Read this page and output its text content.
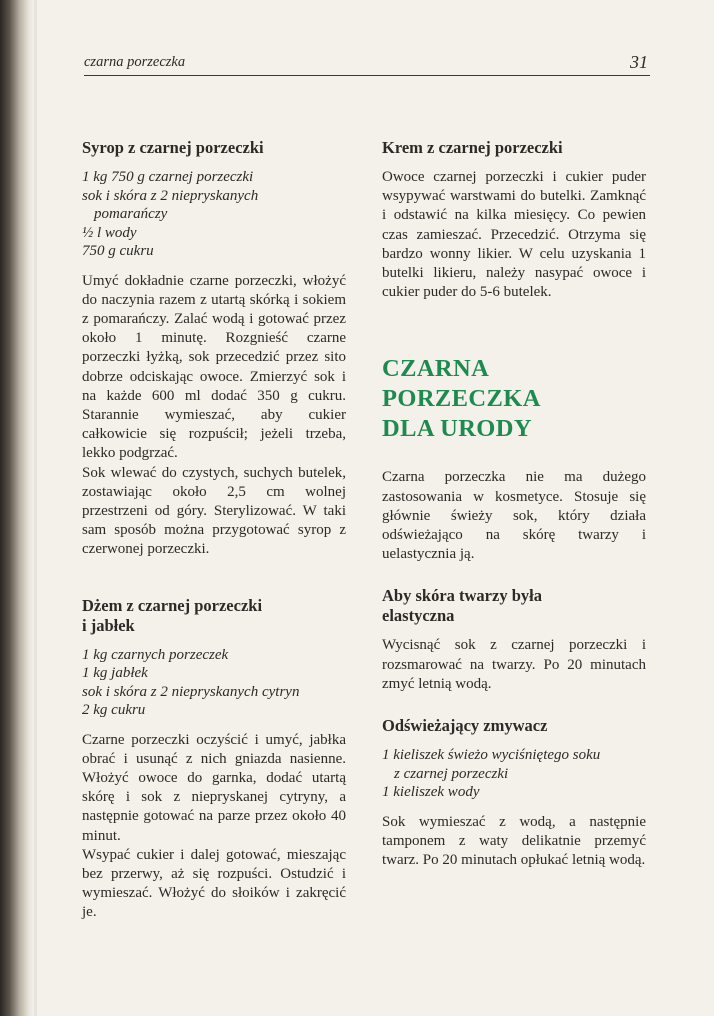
czarna porzeczka	31
Syrop z czarnej porzeczki
1 kg 750 g czarnej porzeczki
sok i skóra z 2 niepryskanych
pomarańczy
½ l wody
750 g cukru

Umyć dokładnie czarne porzeczki, włożyć do naczynia razem z utartą skórką i sokiem z pomarańczy. Zalać wodą i gotować przez około 1 minutę. Rozgnieść czarne porzeczki łyżką, sok przecedzić przez sito dobrze odciskając owoce. Zmierzyć sok i na każde 600 ml dodać 350 g cukru. Starannie wymieszać, aby cukier całkowicie się rozpuścił; jeżeli trzeba, lekko podgrzać.

Sok wlewać do czystych, suchych butelek, zostawiając około 2,5 cm wolnej przestrzeni od góry. Sterylizować. W taki sam sposób można przygotować syrop z czerwonej porzeczki.

Dżem z czarnej porzeczki
i jabłek
1 kg czarnych porzeczek
1 kg jabłek
sok i skóra z 2 niepryskanych cytryn
2 kg cukru

Czarne porzeczki oczyścić i umyć, jabłka obrać i usunąć z nich gniazda nasienne. Włożyć owoce do garnka, dodać utartą skórę i sok z niepryskanej cytryny, a następnie gotować na parze przez około 40 minut.

Wsypać cukier i dalej gotować, mieszając bez przerwy, aż się rozpuści. Ostudzić i wymieszać. Włożyć do słoików i zakręcić je.

Krem z czarnej porzeczki

Owoce czarnej porzeczki i cukier puder wsypywać warstwami do butelki. Zamknąć i odstawić na kilka miesięcy. Co pewien czas zamieszać. Przecedzić. Otrzyma się bardzo wonny likier. W celu uzyskania 1 butelki likieru, należy nasypać owoce i cukier puder do 5-6 butelek.

CZARNA PORZECZKA
DLA URODY

Czarna porzeczka nie ma dużego zastosowania w kosmetyce. Stosuje się głównie świeży sok, który działa odświeżająco na skórę twarzy i uelastycznia ją.

Aby skóra twarzy była
elastyczna

Wycisnąć sok z czarnej porzeczki i rozsmarować na twarzy. Po 20 minutach zmyć letnią wodą.

Odświeżający zmywacz
1 kieliszek świeżo wyciśniętego soku
z czarnej porzeczki
1 kieliszek wody

Sok wymieszać z wodą, a następnie tamponem z waty delikatnie przemyć twarz. Po 20 minutach opłukać letnią wodą.
